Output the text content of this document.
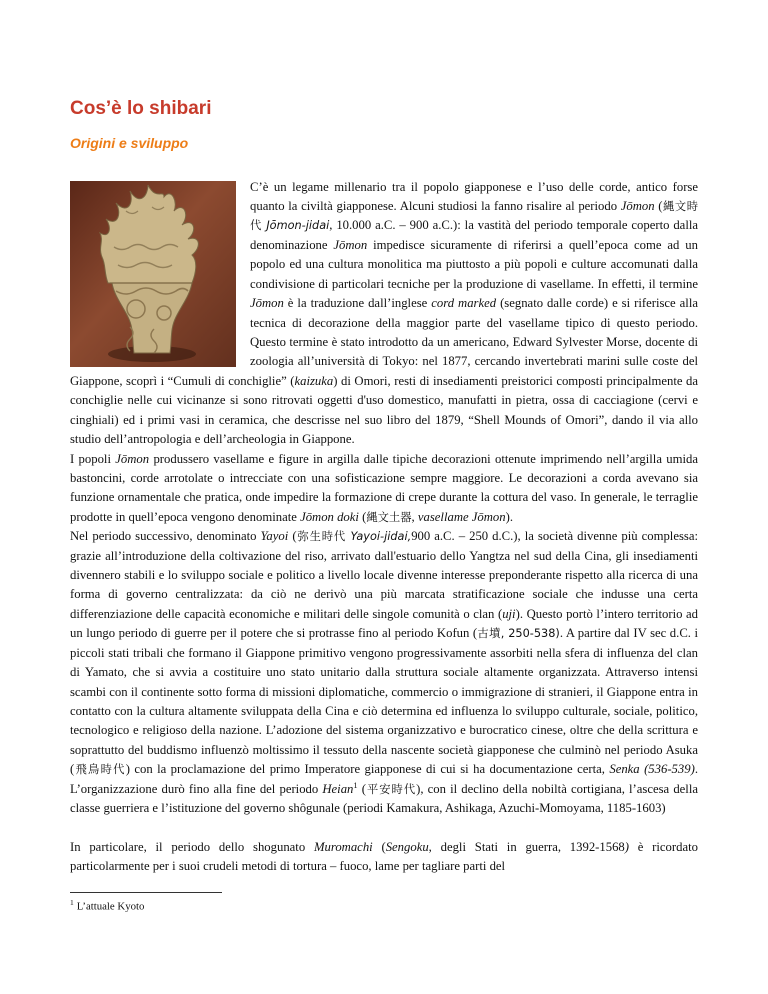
Cos’è lo shibari
Origini e sviluppo

C’è un legame millenario tra il popolo giapponese e l’uso delle corde, antico forse quanto la civiltà giapponese. Alcuni studiosi la fanno risalire al periodo Jōmon (縄文時代 Jōmon-jidai, 10.000 a.C. – 900 a.C.): la vastità del periodo temporale coperto dalla denominazione Jōmon impedisce sicuramente di riferirsi a quell’epoca come ad un popolo ed una cultura monolitica ma piuttosto a più popoli e culture accomunati dalla condivisione di particolari tecniche per la produzione di vasellame. In effetti, il termine Jōmon è la traduzione dall’inglese cord marked (segnato dalle corde) e si riferisce alla tecnica di decorazione della maggior parte del vasellame tipico di questo periodo. Questo termine è stato introdotto da un americano, Edward Sylvester Morse, docente di zoologia all’università di Tokyo: nel 1877, cercando invertebrati marini sulle coste del Giappone, scoprì i “Cumuli di conchiglie” (kaizuka) di Omori, resti di insediamenti preistorici composti principalmente da conchiglie nelle cui vicinanze si sono ritrovati oggetti d'uso domestico, manufatti in pietra, ossa di cacciagione (cervi e cinghiali) ed i primi vasi in ceramica, che descrisse nel suo libro del 1879, “Shell Mounds of Omori”, dando il via allo studio dell’antropologia e dell’archeologia in Giappone.

I popoli Jōmon produssero vasellame e figure in argilla dalle tipiche decorazioni ottenute imprimendo nell’argilla umida bastoncini, corde arrotolate o intrecciate con una sofisticazione sempre maggiore. Le decorazioni a corda avevano sia funzione ornamentale che pratica, onde impedire la formazione di crepe durante la cottura del vaso. In generale, le terraglie prodotte in quell’epoca vengono denominate Jōmon doki (縄文土器, vasellame Jōmon).

Nel periodo successivo, denominato Yayoi (弥生時代 Yayoi-jidai,900 a.C. – 250 d.C.), la società divenne più complessa: grazie all’introduzione della coltivazione del riso, arrivato dall'estuario dello Yangtza nel sud della Cina, gli insediamenti divennero stabili e lo sviluppo sociale e politico a livello locale divenne interesse preponderante rispetto alla ricerca di una forma di governo centralizzata: da ciò ne derivò una più marcata stratificazione sociale che indusse una certa differenziazione delle capacità economiche e militari delle singole comunità o clan (uji). Questo portò l’intero territorio ad un lungo periodo di guerre per il potere che si protrasse fino al periodo Kofun (古墳, 250-538). A partire dal IV sec d.C. i piccoli stati tribali che formano il Giappone primitivo vengono progressivamente assorbiti nella sfera di influenza del clan di Yamato, che si avvia a costituire uno stato unitario dalla struttura sociale altamente organizzata. Attraverso intensi scambi con il continente sotto forma di missioni diplomatiche, commercio o immigrazione di stranieri, il Giappone entra in contatto con la cultura altamente sviluppata della Cina e ciò determina ed influenza lo sviluppo culturale, sociale, politico, tecnologico e religioso della nazione. L’adozione del sistema organizzativo e burocratico cinese, oltre che della scrittura e soprattutto del buddismo influenzò moltissimo il tessuto della nascente società giapponese che culminò nel periodo Asuka (飛鳥時代) con la proclamazione del primo Imperatore giapponese di cui si ha documentazione certa, Senka (536-539). L’organizzazione durò fino alla fine del periodo Heian$^1$ (平安時代), con il declino della nobiltà cortigiana, l’ascesa della classe guerriera e l’istituzione del governo shôgunale (periodi Kamakura, Ashikaga, Azuchi-Momoyama, 1185-1603)

In particolare, il periodo dello shogunato Muromachi (Sengoku, degli Stati in guerra, 1392-1568) è ricordato particolarmente per i suoi crudeli metodi di tortura – fuoco, lame per tagliare parti del

$^1$ L’attuale Kyoto
